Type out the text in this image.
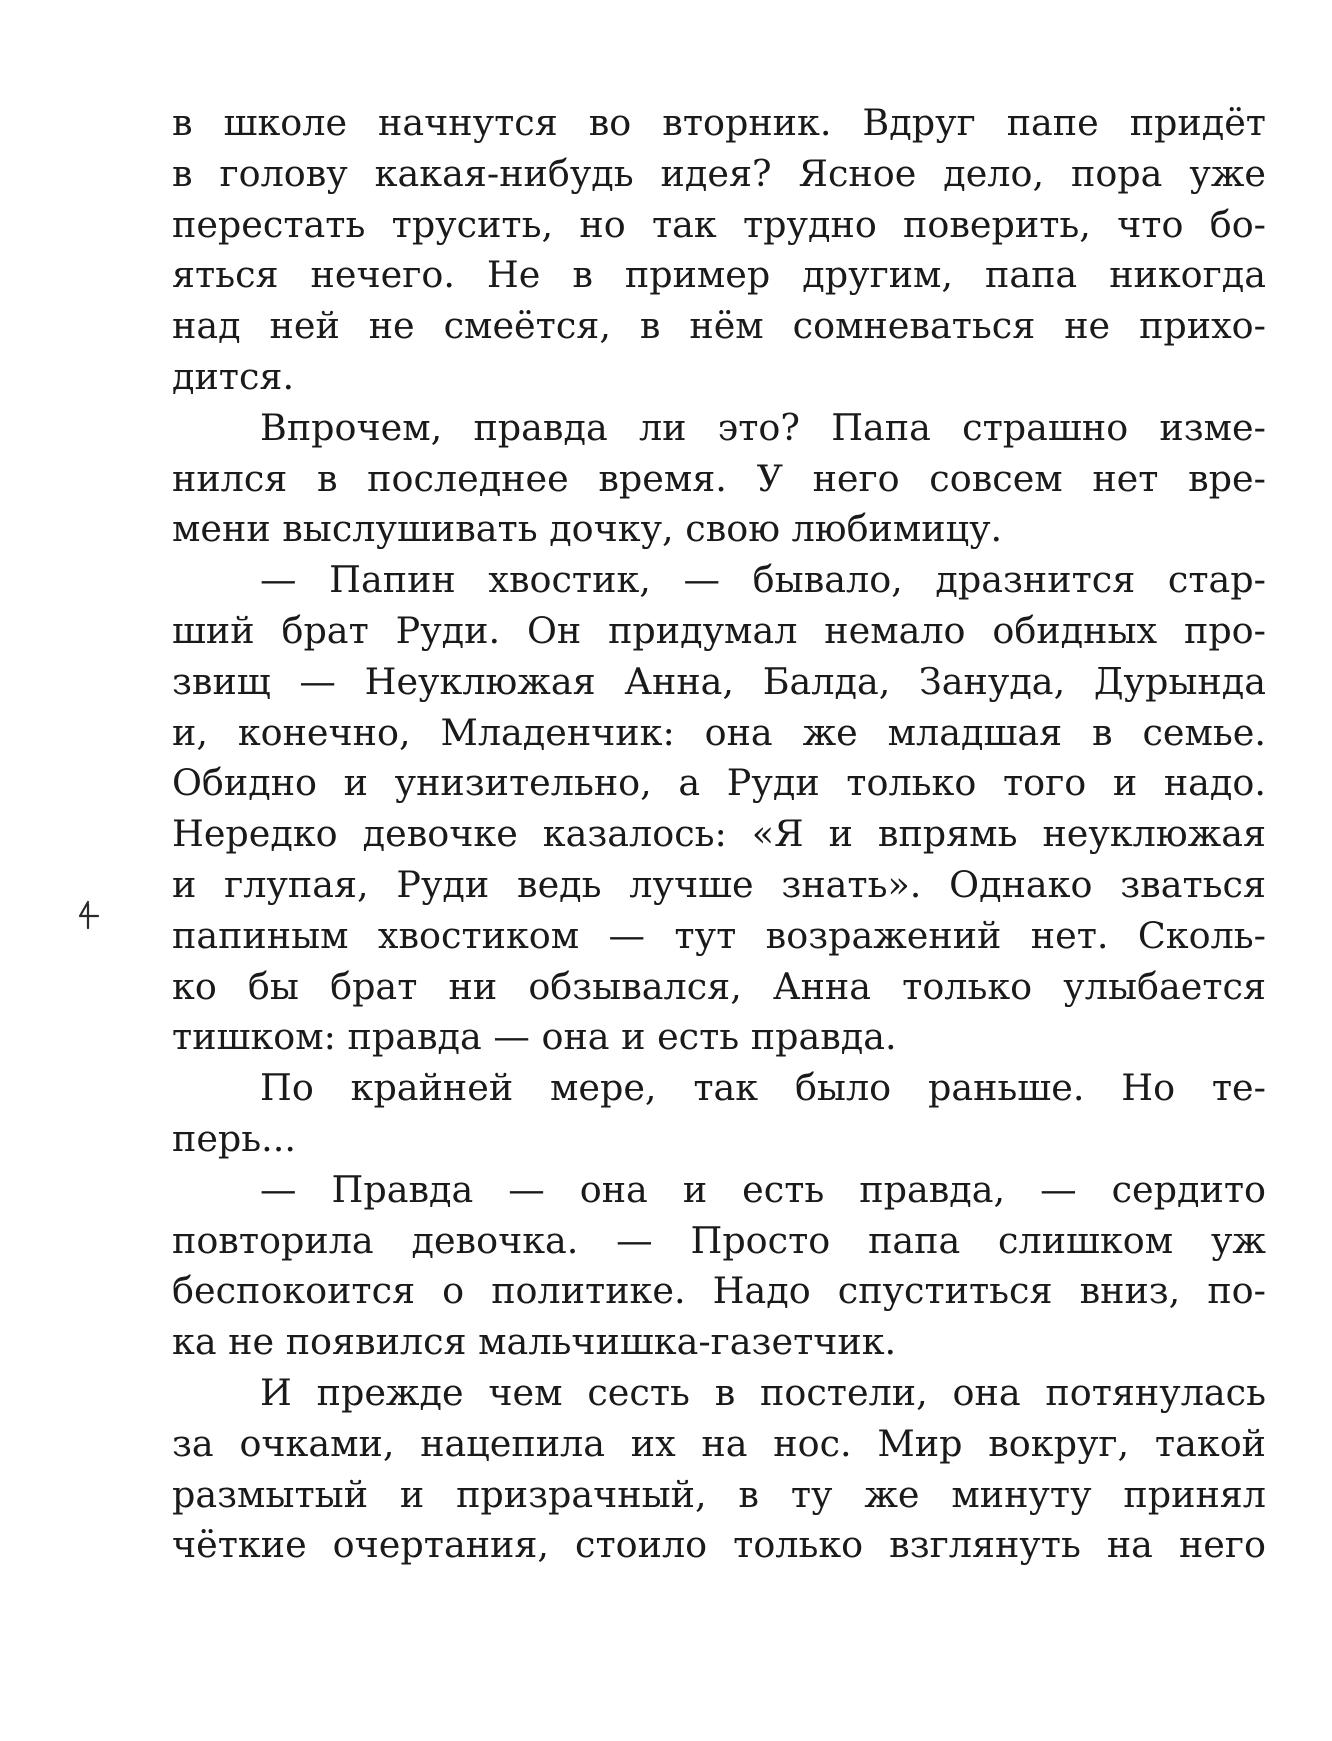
в школе начнутся во вторник. Вдруг папе придёт
в голову какая-нибудь идея? Ясное дело, пора уже
перестать трусить, но так трудно поверить, что бо-
яться нечего. Не в пример другим, папа никогда
над ней не смеётся, в нём сомневаться не прихо-
дится.
Впрочем, правда ли это? Папа страшно изме-
нился в последнее время. У него совсем нет вре-
мени выслушивать дочку, свою любимицу.
— Папин хвостик, — бывало, дразнится стар-
ший брат Руди. Он придумал немало обидных про-
звищ — Неуклюжая Анна, Балда, Зануда, Дурында
и, конечно, Младенчик: она же младшая в семье.
Обидно и унизительно, а Руди только того и надо.
Нередко девочке казалось: «Я и впрямь неуклюжая
и глупая, Руди ведь лучше знать». Однако зваться
папиным хвостиком — тут возражений нет. Сколь-
ко бы брат ни обзывался, Анна только улыбается
тишком: правда — она и есть правда.
По крайней мере, так было раньше. Но те-
перь...
— Правда — она и есть правда, — сердито
повторила девочка. — Просто папа слишком уж
беспокоится о политике. Надо спуститься вниз, по-
ка не появился мальчишка-газетчик.
И прежде чем сесть в постели, она потянулась
за очками, нацепила их на нос. Мир вокруг, такой
размытый и призрачный, в ту же минуту принял
чёткие очертания, стоило только взглянуть на него
